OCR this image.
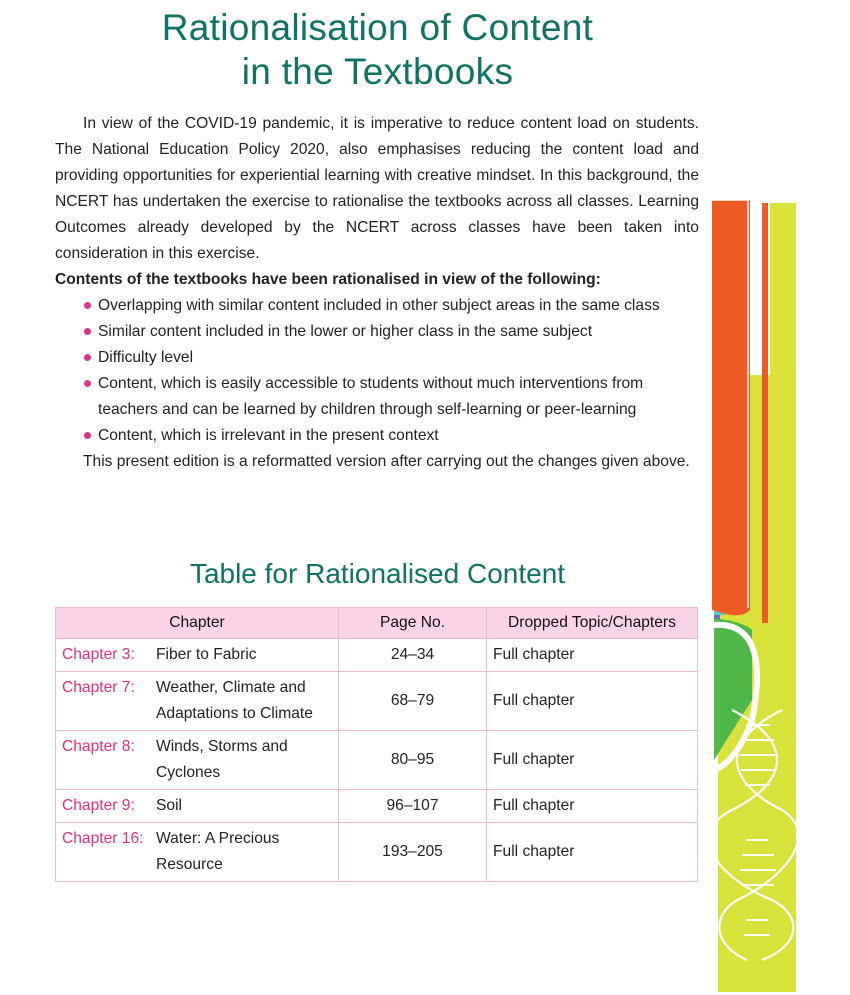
Rationalisation of Content
in the Textbooks

In view of the COVID-19 pandemic, it is imperative to reduce content load on students. The National Education Policy 2020, also emphasises reducing the content load and providing opportunities for experiential learning with creative mindset. In this background, the NCERT has undertaken the exercise to rationalise the textbooks across all classes. Learning Outcomes already developed by the NCERT across classes have been taken into consideration in this exercise.

Contents of the textbooks have been rationalised in view of the following:

Overlapping with similar content included in other subject areas in the same class
Similar content included in the lower or higher class in the same subject
Difficulty level
Content, which is easily accessible to students without much interventions from teachers and can be learned by children through self-learning or peer-learning
Content, which is irrelevant in the present context

This present edition is a reformatted version after carrying out the changes given above.

Table for Rationalised Content
Chapter	Page No.	Dropped Topic/Chapters

Chapter 3: Fiber to Fabric	24–34	Full chapter

Chapter 7: Weather, Climate and Adaptations to Climate	68–79	Full chapter

Chapter 8: Winds, Storms and Cyclones	80–95	Full chapter

Chapter 9: Soil	96–107	Full chapter

Chapter 16: Water: A Precious Resource	193–205	Full chapter
